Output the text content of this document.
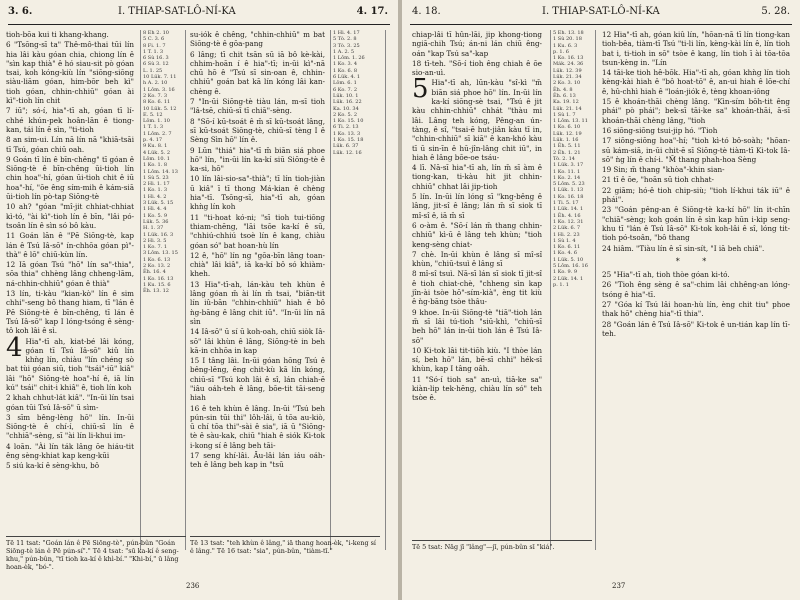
3. 6.	I. THIAP-SAT-LÔ-NÍ-KA	4. 17.

tioh-bōa kui ti khang-khang.

6 "Tsōng-sī ta" Thê-mô-thai tūi lín hia lâi kàu góan chia, chiong lín ê "sìn kap thià" ê hó siau-sit pò góan tsai, koh kóng-kiù lín "siōng-siōng siàu-liām góan, him-bōr beh kì" tioh góan, chhin-chhiū" góan ài kì"-tioh lín chit

7 iū"; só-í, hia"-tī ah, góan tī lí-chhé khún-pek hoân-lān ê tiong-kan, tái lín ê sìn, "ti-tioh

8 an sim-ui. Lín nā lín nā "khiā-tsāi tī Tsú, góan chiū oah.

9 Goán tī lín ê bīn-chêng" tī góan ê Siōng-tè ê bīn-chêng ūi-tioh lín chin hoa"-hí, góan ūi-tioh chit ê iū hoa"-hí, "ōe êng sím-mih ê kám-siā ūi-tioh lín pò-tap Siōng-tè

10 ah? "góan "mî-jit chhiat-chhiat kì-tó, "ài kì"-tioh lín ê bīn, "lâi pó-tsoân lín ê sìn só bô kàu.

11 Goán lān ê "Pē Siōng-tè, kap lán ê Tsú Iâ-sō" ín-chhōa góan pì"-thà" ê lō" chiū-kùn lín.

12 Iā góan Tsú "hō" lín sa"-thia", sōa thia" chhèng lâng chheng-lām, ná-chhin-chhiū" góan ê thià"

13 lín, ti-kàu "kian-kò" lín ê sim chhi"-seng bô thang hiam, tī "lán ê Pē Siōng-tè ê bīn-chêng, tī lán ê Tsú Iâ-sō" kap I lóng-tsóng ê sèng-tô koh lâi ê sì.

4 Hia"-tī ah, kiat-bé lâi kóng, góan tī Tsú Iâ-sō" kiû lín khǹg lín, chiàu "lín chéng sò bat tùi góan siū, tioh "tsái"-iū" kiâ" lâi "hō" Siōng-tè hoa"-hí ê, iā lín kú" tsái" chit-i khiâ" ê, tioh lín koh

2 khah chhut-lát kiâ". "In-ūi lín tsai góan tūi Tsú Iâ-sō" ū sìm-

3 sīm bêng-lèng hō" lín. In-ūi Siōng-tè ê chí-í, chiū-sī lín ê "chhiā"-sèng, sī "ài lín li-khui im-

4 loān. "Ài lín ták lâng ōe hiáu-tit êng sèng-khiat kap keng-kūi

5 siú ka-kí ê sèng-khu, bô

8 Ēh 2. 10
5 C. 3. 6
8 Fi. 1. 7
1 T. 1. 3
6 Sù 16. 3
6 Sù 3. 12
L. 1. 25
10 Lük. 7. 11
h A. 2. 10
1 Lôm. 3. 16
2 Ko. 7. 3
8 Ko. 6. 11
10 Lük. 5. 12
E. 5. 12
Lôm. 1. 10
1 T. 1. 3
1 Lôm. 2. 7
p. 4. 17
9 Ku. 8. 1
4 Lük. 5. 2
Lôm. 10. 1
1 Ko. 1. 8
1 Lôm. 14. 13
1 Sù 5. 23
2 Hi. 1. 17
1 Ko. 1. 3
1 Hi. 4. 2
3 Lük. 5. 15
1 Hi. 4. 4
1 Ko. 5. 9
Lük. 5. 36
H. 1. 37
1 Lük. 16. 3
2 Hi. 3. 5
1 Ko. 7. 1
3 Lôm. 13. 15
1 Ko. 6. 13
2 Ko. 13. 2
Ēh. 16. 4
1 Ko. 16. 13
1 Ku. 15. 6
Ēh. 13. 12

su-iók ê chêng, "chhin-chhiū" m bat Siōng-tè ê gōa-pang

6 lâng; tī chit tsān sū iā bô kè-kài, chhim-hoān í ê hia"-tī; in-ūi kì"-nā chū hō ê "Tsú sī sin-oan ê, chhin-chhiū" goán bat kā lín kóng lâi kan-chèng ê.

7 "In-ūi Siōng-tè tiàu lán, m-sī tioh "lâ-tsē, chiū-sī tī chiā"-sèng.

8 "Sō-í kū-tsoát ê m̄ sī kū-tsoát lâng, sī kū-tsoát Siōng-tè, chiū-sī tèng I ê Sèng Sìn hō" lín ê.

9 Lūn "thiá" hia"-tī m̄ biān siá phoe hō" lín, "in-ūi lín ka-kí siū Siōng-tè ê ka-si, hō"

10 lín lâi-sio-sa"-thià"; tī lín tioh-jiàn ū kiâ" ī tī thong Má-kian ê chèng hia"-tī. Tsōng-sī, hia"-tī ah, góan khǹg lín koh

11 "ti-hoat kó-ni; "sī tioh tui-tiōng thiam-chēng, "lāi tsōe ka-kí ê sū, "chhiú-chhiú tsoè lín ê kang, chiàu góan só" bat hoan-hù lín

12 ê, "hō" lín ng "gōa-bīn lâng toan-chià" lâi kiâ", iā ka-kí bô só khiàm-kheh.

13 Hia"-tī-ah, lán-kàu teh khùn ê lâng góan m̄ ài lín m̄ tsai, "biān-tit lín iû-bān "chhin-chhiū" hiah ê bô ǹg-bāng ê lâng chit iū". "In-ūi lín nā sìn

14 Iâ-sō" ū sí ū koh-oah, chiū siòk Iâ-sō" lâi khùn ê lâng, Siōng-tè in beh kā-in chhōa in kap

15 I tâng lâi. In-ūi góan hōng Tsú ê bêng-lēng, êng chit-kù kā lín kóng, chiū-sī "Tsú koh lâi ê sî, lán chiah-ē "iâu oáh-teh ê lâng, bōe-tit tāi-seng hiah

16 ê teh khùn ê lâng. In-ūi "Tsú beh pún-sin tūi thi" lôh-lâi, ū tōa au-kiò, ū chí tōa thi"-sài ê sia", iā ū "Siōng-tè ê sàu-kak, chiū "hiah ê siók Ki-tok i-kong sí ê lâng beh tāi-

17 seng khí-lâi. Āu-lâi lán iáu oáh-teh ê lâng beh kap in "tsū

1 Hi. 4. 17
5 Tò. 2. 8
3 Tò. 3. 25
1 A. 2. 5
1 Lôm. 1. 26
1 Ko. 3. 4
1 Ko. 6. 8
6 Lük. 4. 1
Lôm. 6. 1
6 Ko. 7. 2
Lük. 10. 1
Lük. 16. 22
Ka. 10. 34
2 Ko. 5. 2
1 Ko. 15. 10
6 Ti. 2. 13
1 Ko. 13. 3
1 Ko. 15. 18
Lük. 6. 37
Lük. 12. 16
Tē 11 tsat: "Goán lán ê Pē Siōng-tè", pún-bûn "Goán Siōng-tè lán ê Pē pún-sí"." Tē 4 tsat: "sū ka-kí ê seng-khu," pún-bûn, "tī tioh ka-kí ê khì-bí." "Khi-bí," ū lâng hoan-èk, "bó-".
Tē 13 tsat: "teh khùn ê lâng," iā thang hoan-èk, "i-keng sí ê lâng." Tē 16 tsat: "sia", pún-bûn, "tiàm-tī."
236
4. 18.	I. THIAP-SAT-LÔ-NÍ-KA	5. 28.

chiap-lâi tī hûn-lāi, jip khong-tiong ngiā-chih Tsú; án-ni lán chiū êng-oán "kap Tsú sa"-kap

18 tī-teh. "Sō-í tioh êng chiah ê ōe sio-an-uì.

5 Hia"-tī ah, lūn-kàu "sî-kì "m̄ biān siá phoe hō" lín. In-ūi lín ka-kí siōng-sè tsai, "Tsú ê jit kàu chhin-chhiū" chhát "thàu mi lâi. Lâng teh kóng, Pêng-an ún-tàng, ê sî, "tsai-ē hut-jiân kàu tī in, "chhin-chhiū" sī kiā" ê kan-khó kàu tī ū sin-īn ê hū-jîn-lâng chit iū", in hiah ê lâng bōe-oe tsáu-

4 lī. Nā-sī hia"-tī ah, lín m̄ sī àm ê tiong-kan, ti-kàu hit jit chhin-chhiū" chhat lâi jip-tioh

5 lín. In-ūi lín lóng sī "kng-bêng ê lâng, jit-sî ê lâng; lán m̄ sī siok tī mî-sî ê, iā m̄ sī

6 o-àm ê. "Sō-í lán m̄ thang chhin-chhiū" kì-ū ê lâng teh khùn; "tioh keng-sèng chiat-

7 chè. In-ūi khùn ê lâng sī mî-sî khùn, "chiū-tsuì ê lâng sī

8 mî-sî tsuì. Nā-sī lán sī siok tī jit-sî ê tioh chiat-chè, "chheng sìn kap jîn-ài tsòe hō"-sím-kià", èng tit kiù ê ǹg-bāng tsòe thâu-

9 khoe. In-ūi Siōng-tè "tiā"-tioh lán m̄ sī lâi tú-tioh "siū-khì, "chiū-sī beh hō" lán in-ūi tioh lán ê Tsú Iâ-sō"

10 Ki-tok lâi tit-tiōh kiù. "I thòe lán sí, beh hō" lán, bē-sī chhi" hék-sī khùn, kap I tâng oâh.

11 "Só-í tioh sa" an-uì, tiā-ke sa" kiàn-lip tek-hēng, chiàu lín só" teh tsòe ê.

5 Ēh. 13. 18
1 Sù 20. 18
1 Ku. 6. 3
p. 1. 6
1 Ko. 16. 13
Mák. 24. 36
Lük. 12. 39
Lük. 21. 34
2 Ko. 3. 10
Ēh. 4. 8
Ēh. 6. 13
Ka. 19. 12
Lük. 21. 14
1 Sù 1. 7
1 Lôm. 13. 11
1 Ko. 6. 10
Lük. 12. 19
Lük. 1. 16
1 Ēh. 5. 11
2 Ēh. 1. 21
Tò. 2. 14
1 Lük. 3. 17
1 Ko. 11. 1
1 Ko. 2. 14
5 Lôm. 5. 23
1 Lük. 1. 13
1 Ko. 16. 18
1 Ti. 5. 17
1 Lük. 14. 1
1 Ēh. 4. 16
1 Ko. 12. 31
2 Lük. 6. 7
1 Hi. 2. 23
1 Sù 1. 4
1 Ko. 6. 11
1 Ko. 4. 6
1 Lük. 5. 10
5 Lôm. 16. 16
1 Ko. 9. 9
2 Lük. 14. 1
p. 1. 1

12 Hia"-tī ah, góan kiû lín, "hōan-nā tī lín tiong-kan tioh-bêa, tiàm-tī Tsú "ti-li lín, kèng-kài lín ê, lín tioh bat i, ti-tioh in sō" tsòe ê kang, lín tioh ī ài tōa-tōa tsun-kèng in. "Lín

14 tāi-ke tioh hê-bōk. Hia"-tī ah, góan khǹg lín tioh kèng-kài hiah ê "bô hoat-tō" ê, an-ui hiah ê lōe-chí ê, hû-chhì hiah ê "loán-jiók ê, tèng khoan-iông

15 ê khoán-thāi chèng lâng. "Kìn-sím bōh-tit êng phái" pò phái"; bek-sī tāi-ke sa" khoán-thāi, ā-sī khoán-thāi chèng lâng, "tioh

16 siōng-siōng tsui-jip hó. "Tioh

17 siōng-siōng hoa"-hí; "tioh kì-tó bô-soàh; "hōan-sū kám-siā, in-ūi chit-ē sī Siōng-tè tiàm-tī Ki-tok Iâ-sō" ǹg lín ê chí-i. "M̄ thang phah-hoa Sèng

19 Sin; m̄ thang "khòa"-khin sian-

21 tī ê ōe, "hoān sū tioh chhat-

22 giām; hó-ê tioh chip-siù; "tioh lí-khui ták iū" ê phái".

23 "Goán pêng-an ê Siōng-tè ka-kí hō" lín it-chīn "chiā"-sèng; koh goán lín ê sìn kap hūn i-kip seng-khu tī "lán ê Tsú Iâ-sō" Ki-tok koh-lâi ê sî, lóng tit-tioh pó-tsoân, "bô thang

24 hiâm. "Tiàu lín ê sī sin-sít, "I iā beh chiâ".

* *

25 "Hia"-tī ah, tioh thòe góan ki-tó.

26 "Tioh êng sèng ê sa"-chim lâi chhêng-an lóng-tsóng ê hia"-tī.

27 "Góa kí Tsú lâi hoan-hù lín, èng chit tiu" phoe thak hō" chèng hia"-tī thia".

28 "Goán lán ê Tsú Iâ-sō" Ki-tok ê un-tián kap lín tī-teh.

Tē 5 tsat: Nāg jī "lâng"—jī, pún-bûn sī "kiá".
237
